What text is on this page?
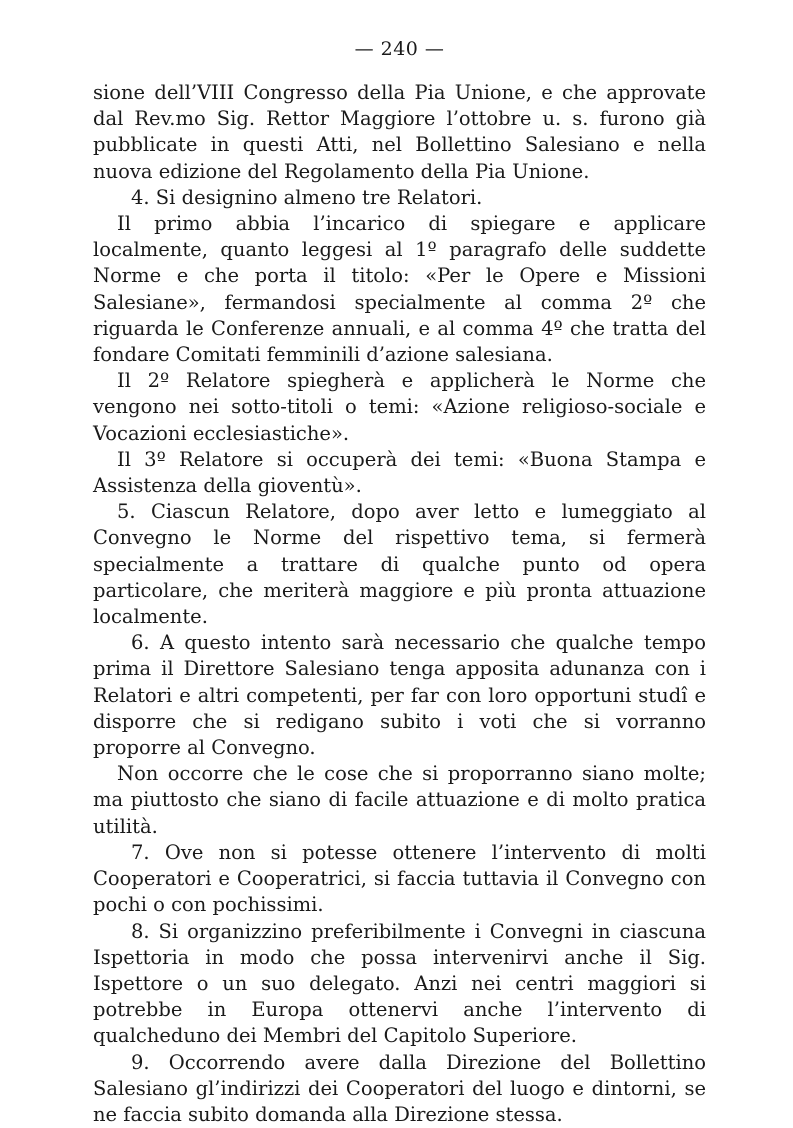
— 240 —

sione dell’VIII Congresso della Pia Unione, e che approvate dal Rev.mo Sig. Rettor Maggiore l’ottobre u. s. furono già pubblicate in questi Atti, nel Bollettino Salesiano e nella nuova edizione del Regolamento della Pia Unione.

4. Si designino almeno tre Relatori.

Il primo abbia l’incarico di spiegare e applicare localmente, quanto leggesi al 1º paragrafo delle suddette Norme e che porta il titolo: «Per le Opere e Missioni Salesiane», fermandosi specialmente al comma 2º che riguarda le Conferenze annuali, e al comma 4º che tratta del fondare Comitati femminili d’azione salesiana.

Il 2º Relatore spiegherà e applicherà le Norme che vengono nei sotto-titoli o temi: «Azione religioso-sociale e Vocazioni ecclesiastiche».

Il 3º Relatore si occuperà dei temi: «Buona Stampa e Assistenza della gioventù».

5. Ciascun Relatore, dopo aver letto e lumeggiato al Convegno le Norme del rispettivo tema, si fermerà specialmente a trattare di qualche punto od opera particolare, che meriterà maggiore e più pronta attuazione localmente.

6. A questo intento sarà necessario che qualche tempo prima il Direttore Salesiano tenga apposita adunanza con i Relatori e altri competenti, per far con loro opportuni studî e disporre che si redigano subito i voti che si vorranno proporre al Convegno.

Non occorre che le cose che si proporranno siano molte; ma piuttosto che siano di facile attuazione e di molto pratica utilità.

7. Ove non si potesse ottenere l’intervento di molti Cooperatori e Cooperatrici, si faccia tuttavia il Convegno con pochi o con pochissimi.

8. Si organizzino preferibilmente i Convegni in ciascuna Ispettoria in modo che possa intervenirvi anche il Sig. Ispettore o un suo delegato. Anzi nei centri maggiori si potrebbe in Europa ottenervi anche l’intervento di qualcheduno dei Membri del Capitolo Superiore.

9. Occorrendo avere dalla Direzione del Bollettino Salesiano gl’indirizzi dei Cooperatori del luogo e dintorni, se ne faccia subito domanda alla Direzione stessa.
